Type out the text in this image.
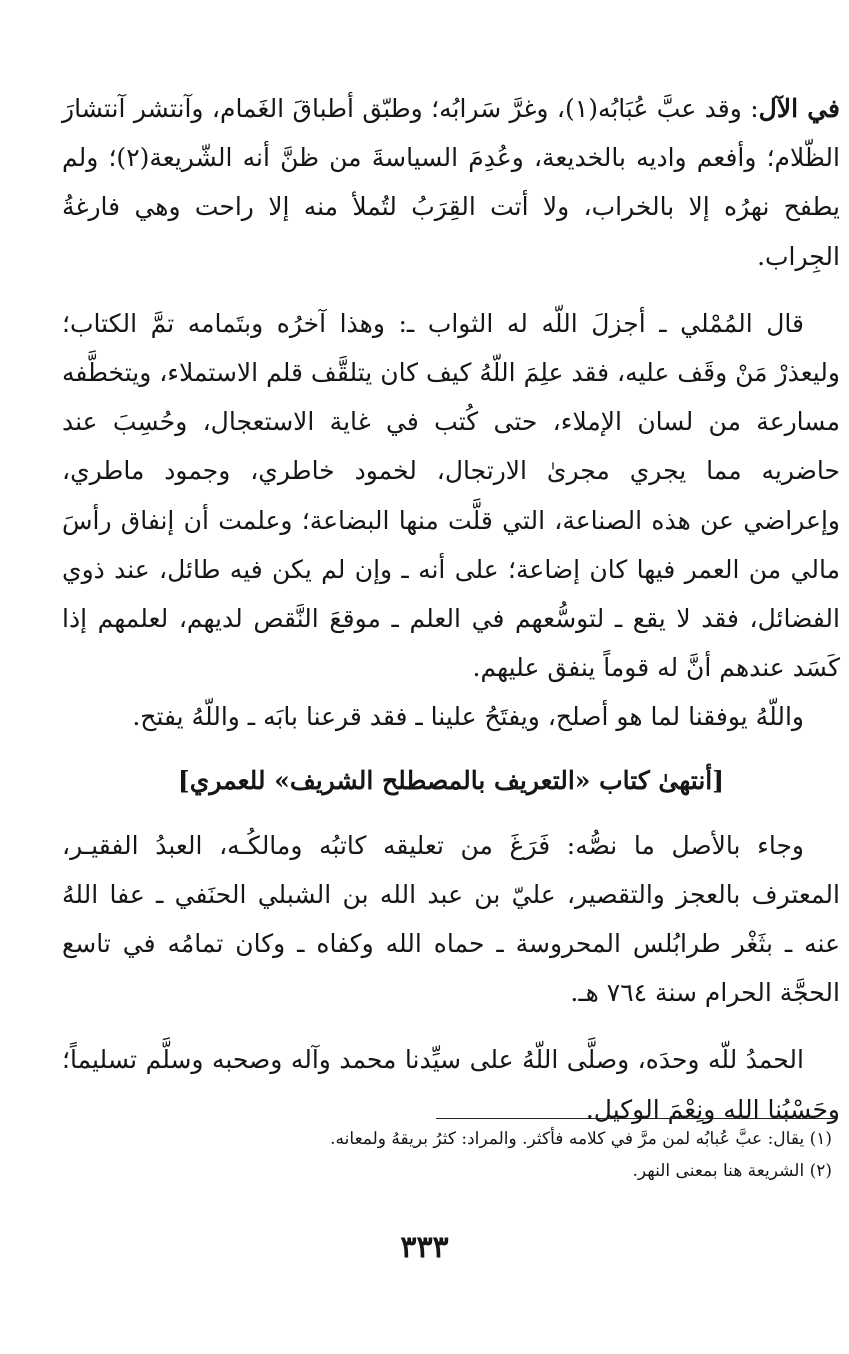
في الآل: وقد عبَّ عُبَابُه(١)، وغرَّ سَرابُه؛ وطبّق أطباقَ الغَمام، وآنتشر آنتشارَ الظّلام؛ وأفعم واديه بالخديعة، وعُدِمَ السياسةَ من ظنَّ أنه الشّريعة(٢)؛ ولم يطفح نهرُه إلا بالخراب، ولا أتت القِرَبُ لتُملأ منه إلا راحت وهي فارغةُ الجِراب.

قال المُمْلي ـ أجزلَ اللّه له الثواب ـ: وهذا آخرُه وبتَمامه تمَّ الكتاب؛ وليعذرْ مَنْ وقَف عليه، فقد علِمَ اللّهُ كيف كان يتلقَّف قلم الاستملاء، ويتخطَّفه مسارعة من لسان الإملاء، حتى كُتب في غاية الاستعجال، وحُسِبَ عند حاضريه مما يجري مجرىٰ الارتجال، لخمود خاطري، وجمود ماطري، وإعراضي عن هذه الصناعة، التي قلَّت منها البضاعة؛ وعلمت أن إنفاق رأسَ مالي من العمر فيها كان إضاعة؛ على أنه ـ وإن لم يكن فيه طائل، عند ذوي الفضائل، فقد لا يقع ـ لتوسُّعهم في العلم ـ موقعَ النَّقص لديهم، لعلمهم إذا كَسَد عندهم أنَّ له قوماً ينفق عليهم.

واللّهُ يوفقنا لما هو أصلح، ويفتَحُ علينا ـ فقد قرعنا بابَه ـ واللّهُ يفتح.

[أنتهىٰ كتاب «التعريف بالمصطلح الشريف» للعمري]

وجاء بالأصل ما نصُّه: فَرَغَ من تعليقه كاتبُه ومالكُـه، العبدُ الفقيـر، المعترف بالعجز والتقصير، عليّ بن عبد الله بن الشبلي الحنَفي ـ عفا اللهُ عنه ـ بثَغْر طرابُلس المحروسة ـ حماه الله وكفاه ـ وكان تمامُه في تاسع الحجَّة الحرام سنة ٧٦٤ هـ.

الحمدُ للّه وحدَه، وصلَّى اللّهُ على سيِّدنا محمد وآله وصحبه وسلَّم تسليماً؛ وحَسْبُنا الله ونِعْمَ الوكيل.

(١) يقال: عبَّ عُبابُه لمن مرَّ في كلامه فأكثر. والمراد: كثرُ بريقهُ ولمعانه.

(٢) الشريعة هنا بمعنى النهر.

٣٣٣
